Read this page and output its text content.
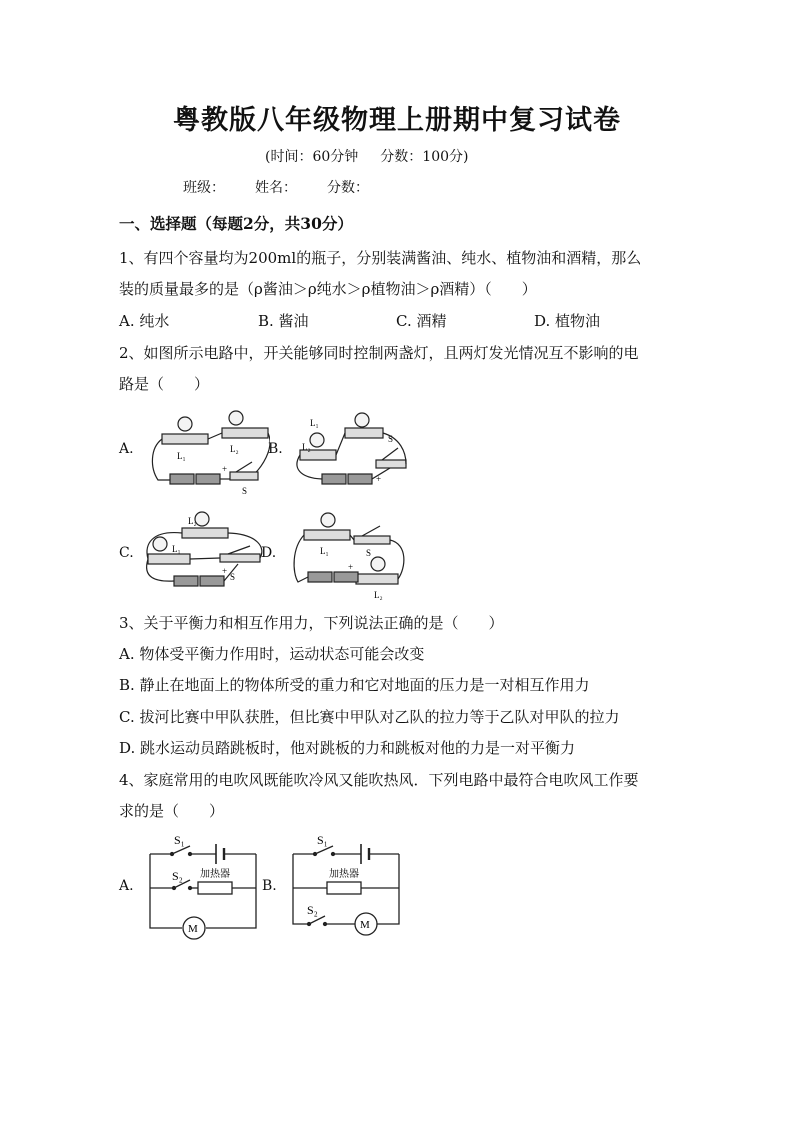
粤教版八年级物理上册期中复习试卷
(时间：60分钟 分数：100分)
班级： 姓名： 分数：
一、选择题（每题2分，共30分）
1、有四个容量均为200ml的瓶子，分别装满酱油、纯水、植物油和酒精，那么
装的质量最多的是（ρ酱油＞ρ纯水＞ρ植物油＞ρ酒精）（　　）
A. 纯水	B. 酱油	C. 酒精	D. 植物油
2、如图所示电路中，开关能够同时控制两盏灯，且两灯发光情况互不影响的电
路是（　　）
A.	B.
C.	D.
L₁
L₂
S
+
L₁
L₂
S
+
L₂
L₁
S
+
L₁	S
L₂
+
3、关于平衡力和相互作用力，下列说法正确的是（　　）
A. 物体受平衡力作用时，运动状态可能会改变
B. 静止在地面上的物体所受的重力和它对地面的压力是一对相互作用力
C. 拔河比赛中甲队获胜，但比赛中甲队对乙队的拉力等于乙队对甲队的拉力
D. 跳水运动员踏跳板时，他对跳板的力和跳板对他的力是一对平衡力
4、家庭常用的电吹风既能吹冷风又能吹热风．下列电路中最符合电吹风工作要
求的是（　　）
A.	B.
S₁
S₂ 加热器
M
S₁
S₂
加热器
M
